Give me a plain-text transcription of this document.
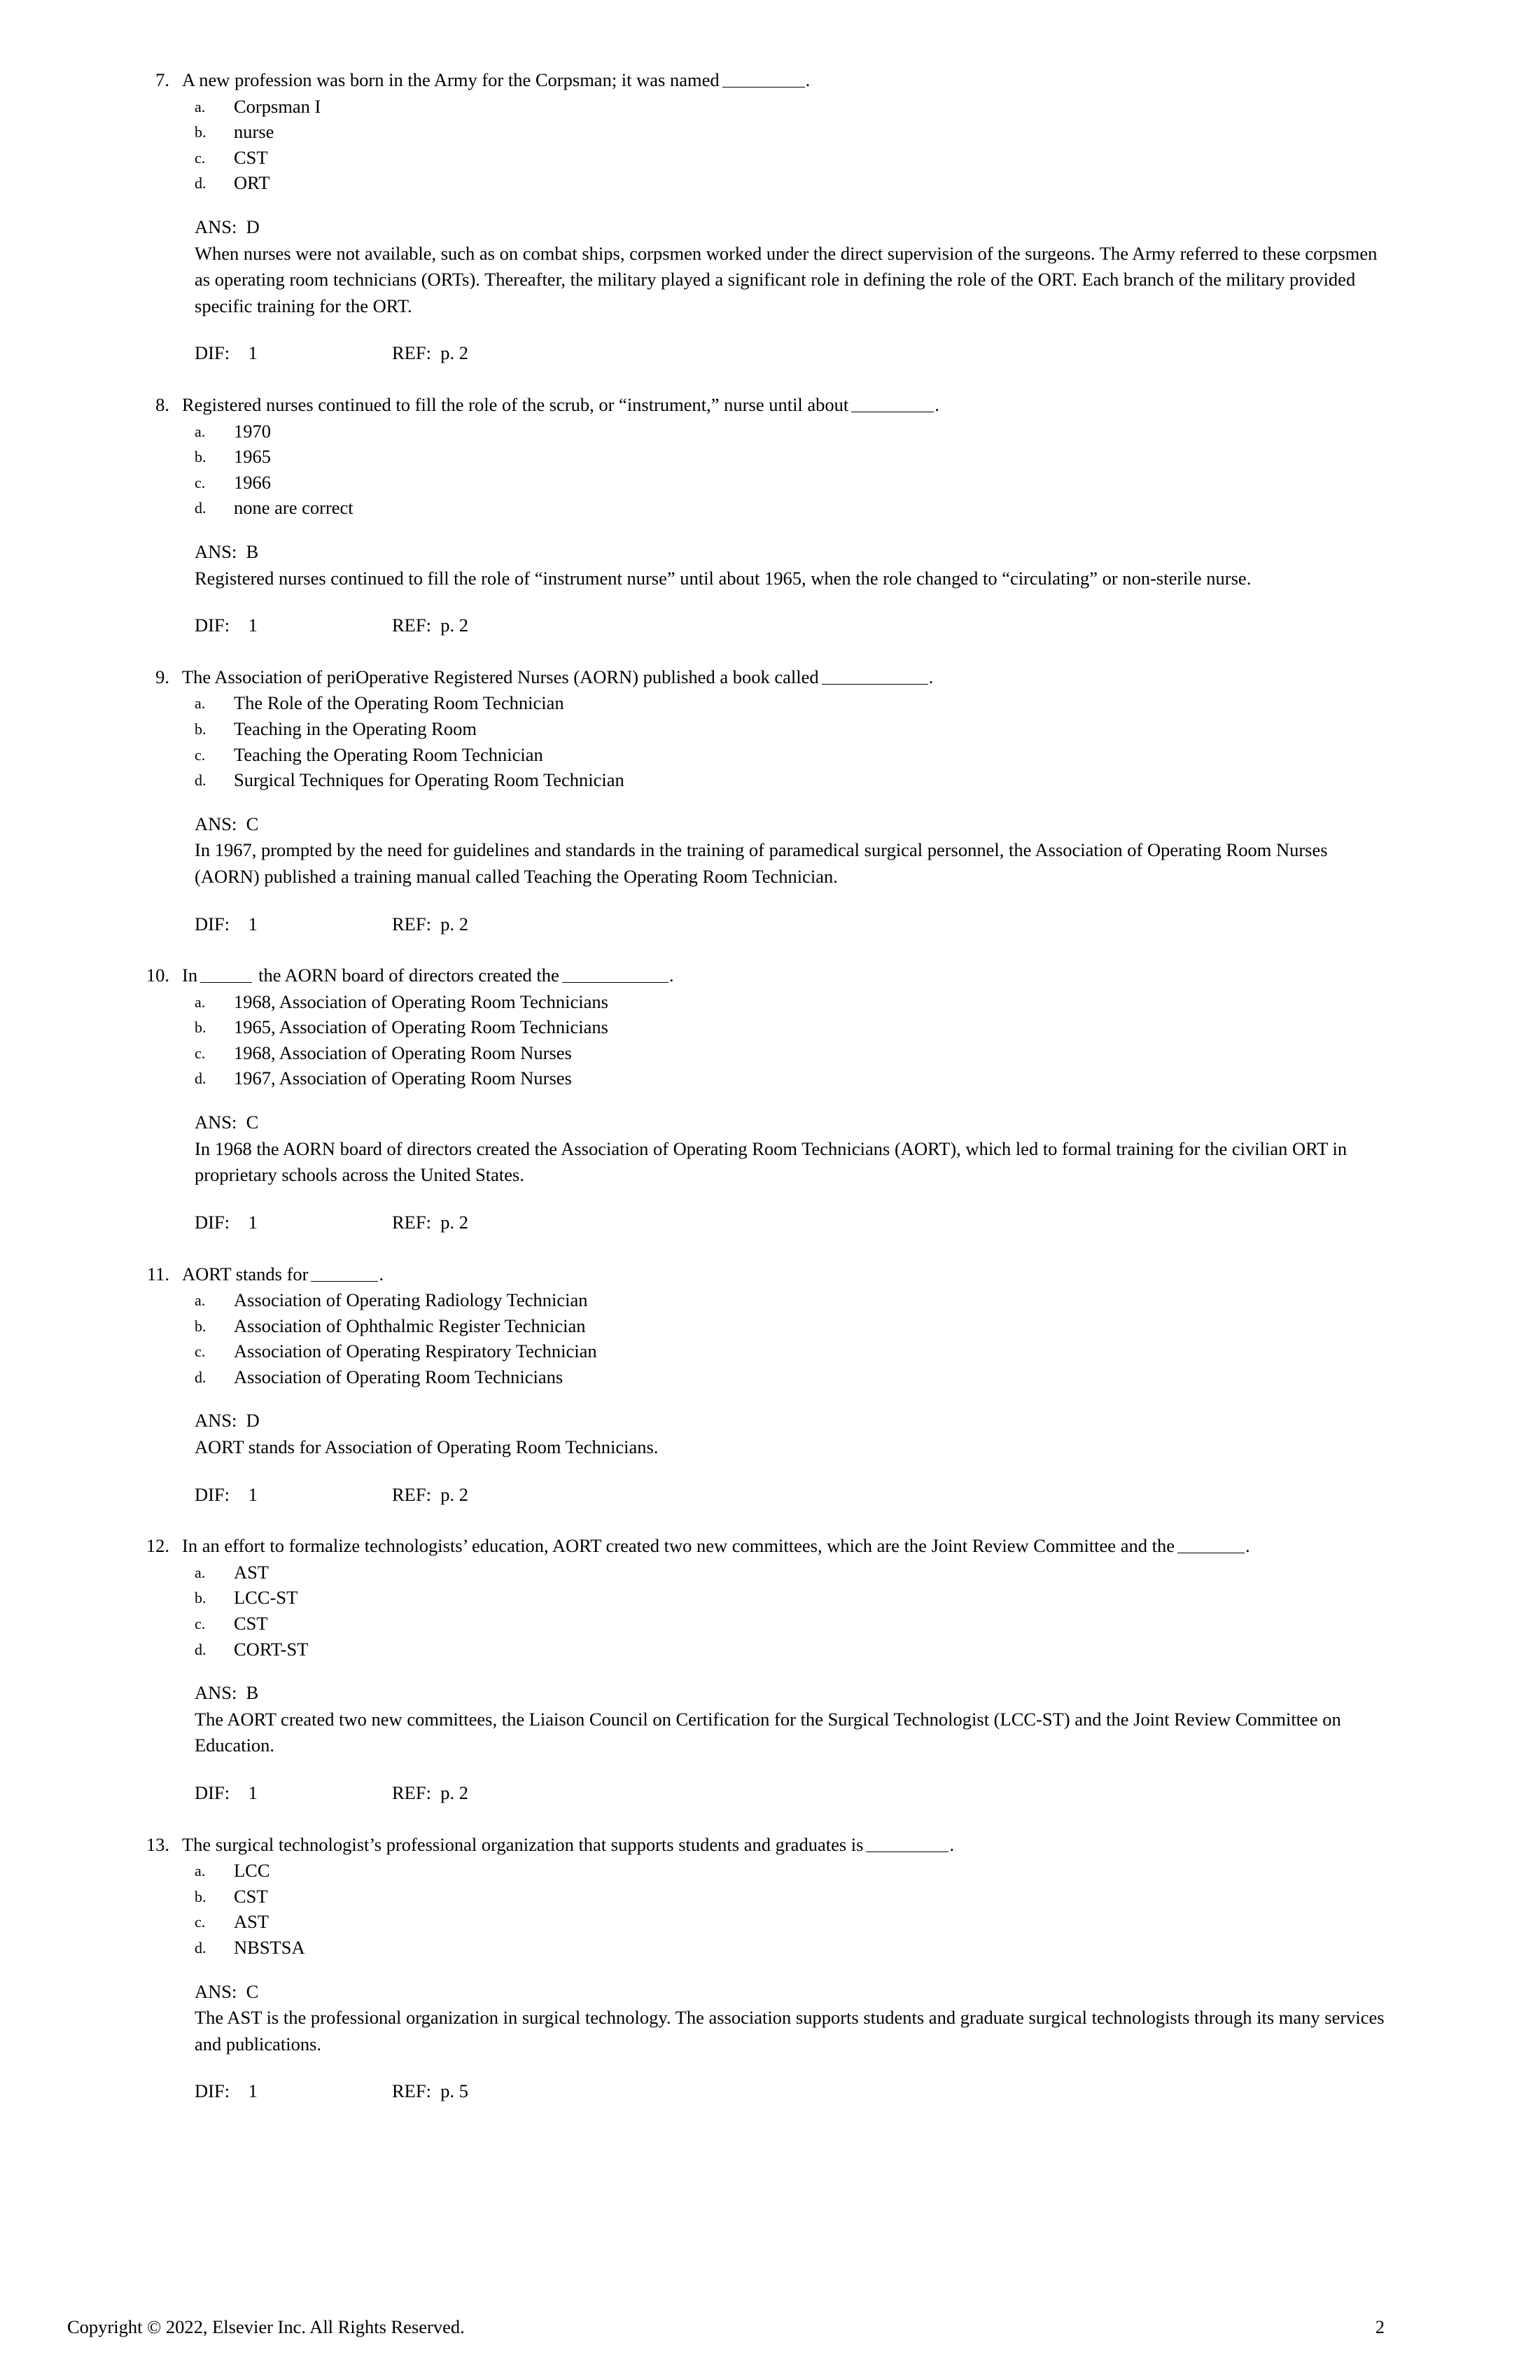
7. A new profession was born in the Army for the Corpsman; it was named	.
a.	Corpsman I
b.	nurse
c.	CST
d.	ORT
ANS:  D

When nurses were not available, such as on combat ships, corpsmen worked under the direct supervision of the surgeons. The Army referred to these corpsmen as operating room technicians (ORTs). Thereafter, the military played a significant role in defining the role of the ORT. Each branch of the military provided specific training for the ORT.

DIF:    1	REF:  p. 2
8. Registered nurses continued to fill the role of the scrub, or “instrument,” nurse until about	.
a.	1970
b.	1965
c.	1966
d.	none are correct
ANS:  B

Registered nurses continued to fill the role of “instrument nurse” until about 1965, when the role changed to “circulating” or non-sterile nurse.

DIF:    1	REF:  p. 2
9. The Association of periOperative Registered Nurses (AORN) published a book called	.
a.	The Role of the Operating Room Technician
b.	Teaching in the Operating Room
c.	Teaching the Operating Room Technician
d.	Surgical Techniques for Operating Room Technician
ANS:  C

In 1967, prompted by the need for guidelines and standards in the training of paramedical surgical personnel, the Association of Operating Room Nurses (AORN) published a training manual called Teaching the Operating Room Technician.

DIF:    1	REF:  p. 2
10. In	the AORN board of directors created the	.
a.	1968, Association of Operating Room Technicians
b.	1965, Association of Operating Room Technicians
c.	1968, Association of Operating Room Nurses
d.	1967, Association of Operating Room Nurses
ANS:  C

In 1968 the AORN board of directors created the Association of Operating Room Technicians (AORT), which led to formal training for the civilian ORT in proprietary schools across the United States.

DIF:    1	REF:  p. 2
11. AORT stands for	.
a.	Association of Operating Radiology Technician
b.	Association of Ophthalmic Register Technician
c.	Association of Operating Respiratory Technician
d.	Association of Operating Room Technicians
ANS:  D

AORT stands for Association of Operating Room Technicians.

DIF:    1	REF:  p. 2
12. In an effort to formalize technologists’ education, AORT created two new committees, which are the Joint Review Committee and the	.
a.	AST
b.	LCC-ST
c.	CST
d.	CORT-ST
ANS:  B

The AORT created two new committees, the Liaison Council on Certification for the Surgical Technologist (LCC-ST) and the Joint Review Committee on Education.

DIF:    1	REF:  p. 2
13. The surgical technologist’s professional organization that supports students and graduates is	.
a.	LCC
b.	CST
c.	AST
d.	NBSTSA
ANS:  C

The AST is the professional organization in surgical technology. The association supports students and graduate surgical technologists through its many services and publications.

DIF:    1	REF:  p. 5
Copyright © 2022, Elsevier Inc. All Rights Reserved.	2
